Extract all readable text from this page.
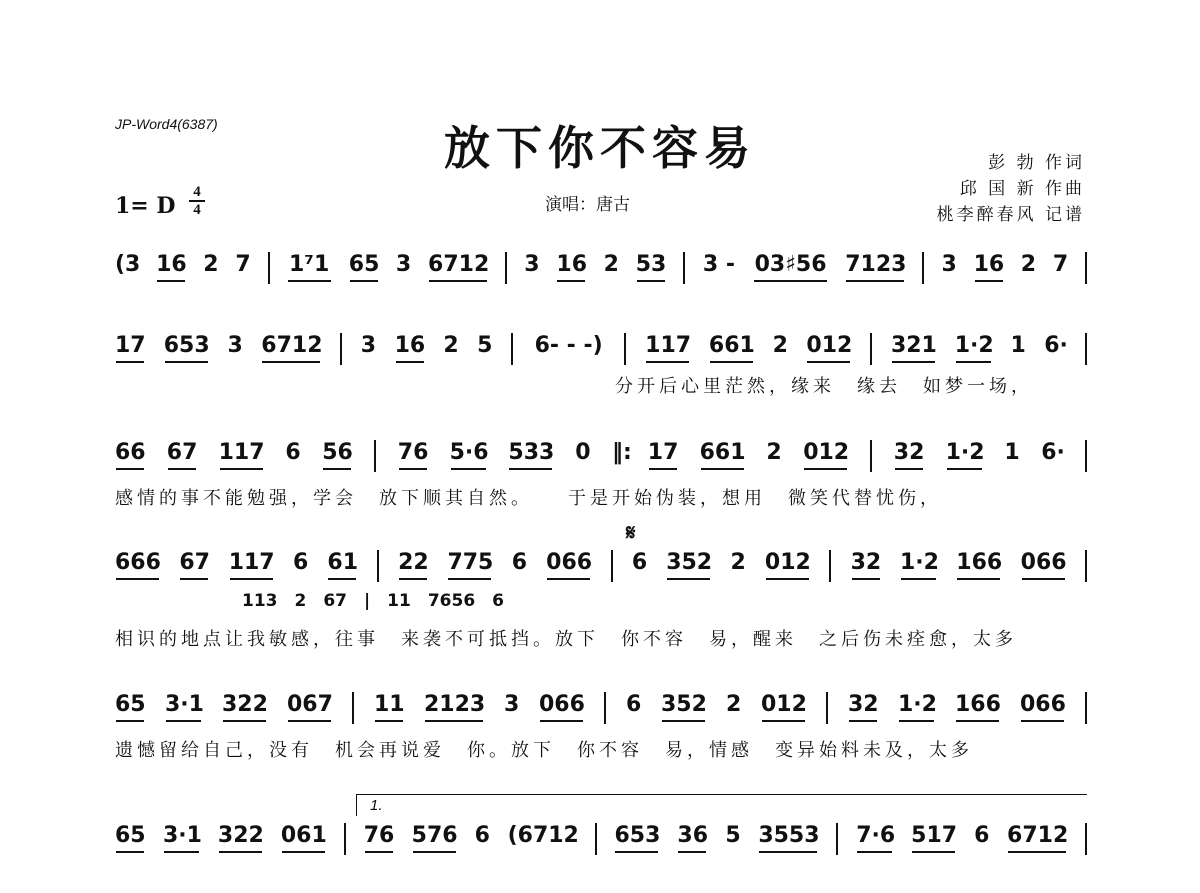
JP-Word4(6387)	放下你不容易
演唱：唐古
1= D
4
4
彭 勃 作词
邱 国 新 作曲
桃李醉春风 记谱
(3 16 2 7 1⁷1 65 3 6712 3 16 2 53 3 - 03♯56 7123 3 16 2 7
17 653 3 6712 3 16 2 5 6- - -) 117 661 2 012 321 1·2 1 6·
分开后心里茫然，缘来　缘去　如梦一场，
66 67 117 6 56 76 5·6 533 0 ‖: 17 661 2 012 32 1·2 1 6·
感情的事不能勉强，学会　放下顺其自然。　　于是开始伪装，想用　微笑代替忧伤，
666 67 117 6 61 22 775 6 066 6 352 2 012 32 1·2 166 066
113　2　67　|　11　7656　6
相识的地点让我敏感，往事　来袭不可抵挡。放下　你不容　易，醒来　之后伤未痊愈，太多
65 3·1 322 067 11 2123 3 066 6 352 2 012 32 1·2 166 066
遗憾留给自己，没有　机会再说爱　你。放下　你不容　易，情感　变异始料未及，太多
65 3·1 322 061 76 576 6 (6712 653 36 5 3553 7·6 517 6 6712
𝄋
1.
